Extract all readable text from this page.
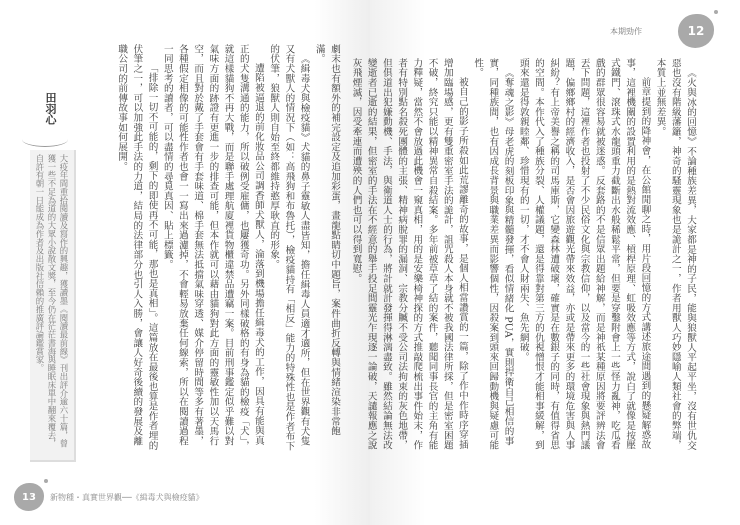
劇末也有額外的補完設定及追加彩蛋，畫龍點睛切中題旨，案件曲折反轉與情緒渲染非常飽滿。

《緝毒犬與檢疫貓》犬貓的鼻子靈敏人盡皆知，擔任緝毒人員適才適所，但在世界觀有犬隻又有犬獸人的情況下（如：高飛狗和布魯托），檢疫貓持有「相反」能力的特殊性也是作者布下的伏筆，狼獸人則自始至終都維持憨厚耿直的形象。

遭陷被逼退的前化妝品公司調香師犬獸人，淪落到機場擔任緝毒犬的工作，因具有能與真正的犬隻溝通的能力，所以破例受雇傭，也屢獲奇功。另外同樣破格的有身為貓的檢疫「犬」，就這樣貓狗不再大戰，而是聯手處理航廈裡貨物櫃違禁品遭竊一案。目前刑事鑑定似乎難以對氣味方面的跡證有更進一步的排查可能，但本作就可以藉由貓狗對此方面的靈敏性加以天馬行空，而且對於戴了手套會有手套味道、棉手套無法抵擋氣味穿透、媒介停留時間等多有著墨，各種假定相像的可能性作者也會一一寫出來過濾掉，不會輕易放棄任何線索，所以在閱讀過程一同思考的讀者，可以盡情的尋覓真因、貼上標籤。

「排除一切不可能的，剩下的即使再不可能，那也是真相」。這篇放在最後也算是作者埋的伏筆之一，可以加強此手法的力道，結局的法律部分也引人入勝，會讓人好奇後續的發展及離職公司的前傳故事如何展開。

田羽心
大疫年間重拾閱讀及寫作的興趣，獲讀墨《閱讀最前線》刊出評介逾六十篇，曾獲一些不足為道的大眾小說散文獎，至今仍在茫茫書海與睡眠床單中翻來覆去，自許有朝一日能成為作者及出版社信賴的推廣評論鑑賞家。
13	新物種・真實世界觀──《緝毒犬與檢疫貓》
本期勁作	12

《火與冰的回憶》不論種族差異，大家都是神的子民，能與狼獸人平起平坐，沒有世仇交惡也沒有階級藩籬，神奇的騷靈現象也是詭計之一，作者用獸人巧妙隱喻人類社會的弊端，本質上並無差異。

前章提到的降神會，在公館閒聊之時，用片段回憶的方式講述旅途間遇到的懸疑解惑故事，這裡機關的設置利用的是熱對流效應、槓桿原理、虹吸效應等方式，說白了就像是按壓式鐵門、滾珠式水龍頭重力截斷出水般稀鬆平常，但要是穿鑿附會上一些怪力亂神，吃瓜看戲的群眾很容易就被迷惑。反套路的不是信眾出題給神解，而是神祇某種原因將要評辨法會丟下問題，這裡作者也投射了不少民俗文化與宗教信仰，以及當今的一些社會現象與熱門議題，偏鄉鄉村的經濟收入，是否會因旅遊觀光帶來效益，亦或是帶來更多的環境危害與人事糾紛？有上帝美譽之稱的司馬庫斯，它變森林遭破壞，確實是在數銀子的同時，有值得省思的空間。本作代入了種族分裂、人權議題，還是得靠對第三方的仇視憎恨才能相事緩解，到頭來還是得敦親睦鄰、珍惜現有的一切，才不會人財兩失、魚先網破。

《奪魂之影》母老虎的刻板印象與精髓發揮，看似情緒化 PUA，實則捍衛自己相信的事實，同種族間，也有因成長背景與職業差異而影響個性，因殺案到頭來回歸動機與疑慮可能性。

被自己的影子所殺如此荒謬離奇的故事，是個人相當讚賞的一篇，除了作中作時序穿插增加臨場感，更有雙重密室手法的詭計，詛咒殺人本身就不被我國法律所採，但是密室困題不破，終究只能以精神異常自殺結案。多年前被草草了結的案件，聽聞同事長官的主角有能力釋疑，當然不會放過此機會一窺真相，用的是安樂椅神探的方式推敲爬梳出事件始末，作者有特別點名殺死團體的主張、精神病脫罪的漏洞、宗教分贓不受公司法拘束的灰色地帶，但俱道出犯嫌動機、手法，與衛道人士的行為，將計就計發揮得淋漓盡致。雖然結論無法改變逝者已逝的結果，但密室的手法在不經意的舉手投足間靈光乍現逐一論破，天譴報應之說灰飛煙滅，因受牽連而遭殃的人們也可以得到寬慰。
